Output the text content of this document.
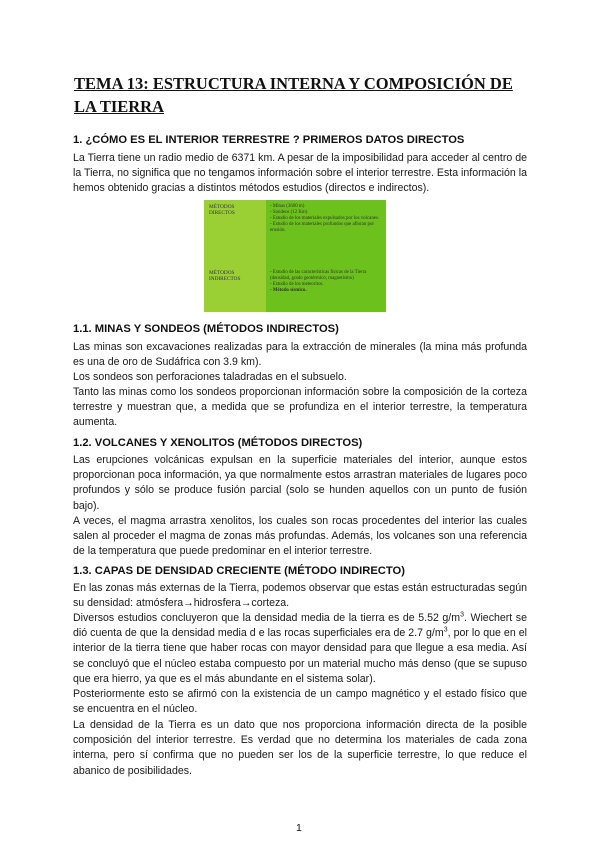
TEMA 13: ESTRUCTURA INTERNA Y COMPOSICIÓN DE LA TIERRA
1. ¿CÓMO ES EL INTERIOR TERRESTRE ? PRIMEROS DATOS DIRECTOS
La Tierra tiene un radio medio de 6371 km. A pesar de la imposibilidad para acceder al centro de la Tierra, no significa que no tengamos información sobre el interior terrestre. Esta información la hemos obtenido gracias a distintos métodos estudios (directos e indirectos).
MÉTODOS DIRECTOS
MÉTODOS INDIRECTOS
- Minas (3600 m)
- Sondeos (12 Km)
- Estudio de los materiales expulsados por los volcanes.
- Estudio de los materiales profundos que afloran por erosión.
- Estudio de las características físicas de la Tierra (densidad, grado geotérmico, magnetismo)
- Estudio de los meteoritos.
- Método sísmico.
1.1. MINAS Y SONDEOS (MÉTODOS INDIRECTOS)
Las minas son excavaciones realizadas para la extracción de minerales (la mina más profunda es una de oro de Sudáfrica con 3.9 km).
Los sondeos son perforaciones taladradas en el subsuelo.
Tanto las minas como los sondeos proporcionan información sobre la composición de la corteza terrestre y muestran que, a medida que se profundiza en el interior terrestre, la temperatura aumenta.
1.2. VOLCANES Y XENOLITOS (MÉTODOS DIRECTOS)
Las erupciones volcánicas expulsan en la superficie materiales del interior, aunque estos proporcionan poca información, ya que normalmente estos arrastran materiales de lugares poco profundos y sólo se produce fusión parcial (solo se hunden aquellos con un punto de fusión bajo).
A veces, el magma arrastra xenolitos, los cuales son rocas procedentes del interior las cuales salen al proceder el magma de zonas más profundas. Además, los volcanes son una referencia de la temperatura que puede predominar en el interior terrestre.
1.3. CAPAS DE DENSIDAD CRECIENTE (MÉTODO INDIRECTO)
En las zonas más externas de la Tierra, podemos observar que estas están estructuradas según su densidad: atmósfera→hidrosfera→corteza.
Diversos estudios concluyeron que la densidad media de la tierra es de 5.52 $g/m^3$. Wiechert se dió cuenta de que la densidad media d e las rocas superficiales era de 2.7 $g/m^3$, por lo que en el interior de la tierra tiene que haber rocas con mayor densidad para que llegue a esa media. Así se concluyó que el núcleo estaba compuesto por un material mucho más denso (que se supuso que era hierro, ya que es el más abundante en el sistema solar).
Posteriormente esto se afirmó con la existencia de un campo magnético y el estado físico que se encuentra en el núcleo.
La densidad de la Tierra es un dato que nos proporciona información directa de la posible composición del interior terrestre. Es verdad que no determina los materiales de cada zona interna, pero sí confirma que no pueden ser los de la superficie terrestre, lo que reduce el abanico de posibilidades.
1
